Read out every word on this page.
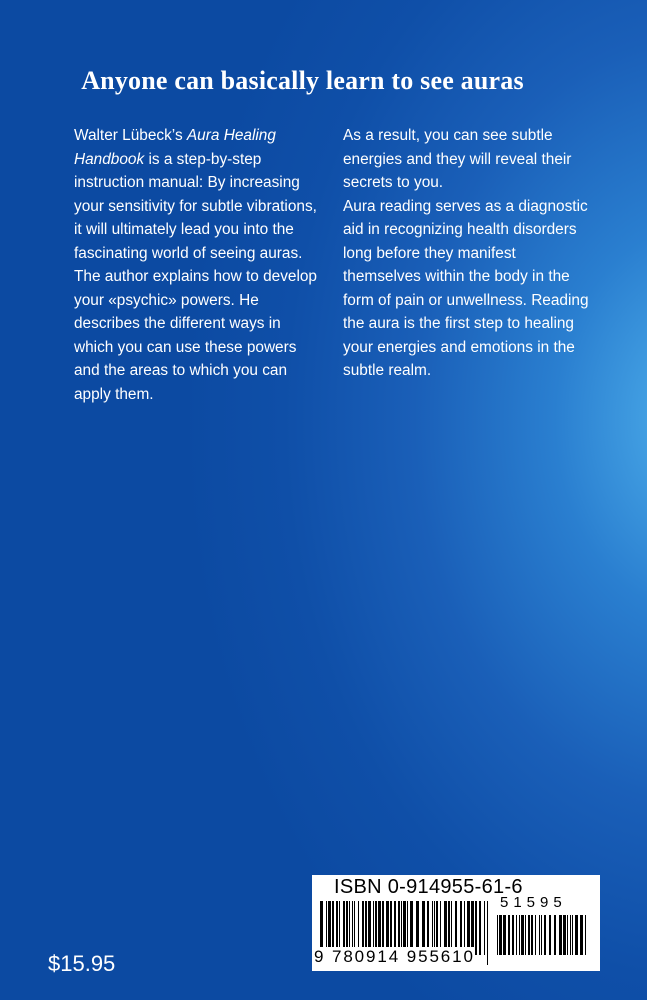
Anyone can basically learn to see auras

Walter Lübeck’s Aura Healing Handbook is a step-by-step instruction manual: By increasing your sensitivity for subtle vibrations, it will ultimately lead you into the fascinating world of seeing auras. The author explains how to develop your «psychic» powers. He describes the different ways in which you can use these powers and the areas to which you can apply them.

As a result, you can see subtle energies and they will reveal their secrets to you.

Aura reading serves as a diagnostic aid in recognizing health disorders long before they manifest themselves within the body in the form of pain or unwellness. Reading the aura is the first step to healing your energies and emotions in the subtle realm.

$15.95
ISBN 0-914955-61-6
51595
9 780914 955610
